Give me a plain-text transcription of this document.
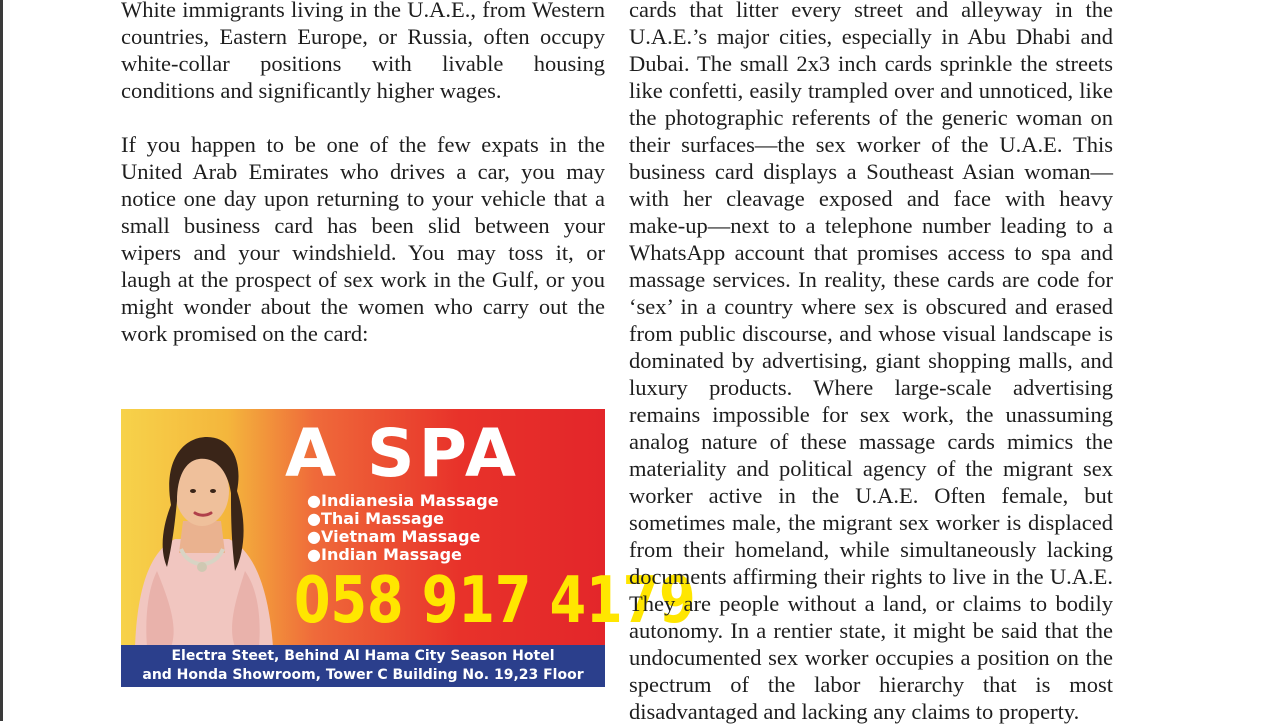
White immigrants living in the U.A.E., from Western countries, Eastern Europe, or Russia, often occupy white-collar positions with livable housing conditions and significantly higher wages.

If you happen to be one of the few expats in the United Arab Emirates who drives a car, you may notice one day upon returning to your vehicle that a small business card has been slid between your wipers and your windshield. You may toss it, or laugh at the prospect of sex work in the Gulf, or you might wonder about the women who carry out the work promised on the card:

A SPA
●Indianesia Massage
●Thai Massage
●Vietnam Massage
●Indian Massage
058 917 4179
Electra Steet, Behind Al Hama City Season Hotel
and Honda Showroom, Tower C Building No. 19,23 Floor

cards that litter every street and alleyway in the U.A.E.’s major cities, especially in Abu Dhabi and Dubai. The small 2x3 inch cards sprinkle the streets like confetti, easily trampled over and unnoticed, like the photographic referents of the generic woman on their surfaces—the sex worker of the U.A.E. This business card displays a Southeast Asian woman—with her cleavage exposed and face with heavy make-up—next to a telephone number leading to a WhatsApp account that promises access to spa and massage services. In reality, these cards are code for ‘sex’ in a country where sex is obscured and erased from public discourse, and whose visual landscape is dominated by advertising, giant shopping malls, and luxury products. Where large-scale advertising remains impossible for sex work, the unassuming analog nature of these massage cards mimics the materiality and political agency of the migrant sex worker active in the U.A.E. Often female, but sometimes male, the migrant sex worker is displaced from their homeland, while simultaneously lacking documents affirming their rights to live in the U.A.E. They are people without a land, or claims to bodily autonomy. In a rentier state, it might be said that the undocumented sex worker occupies a position on the spectrum of the labor hierarchy that is most disadvantaged and lacking any claims to property.
